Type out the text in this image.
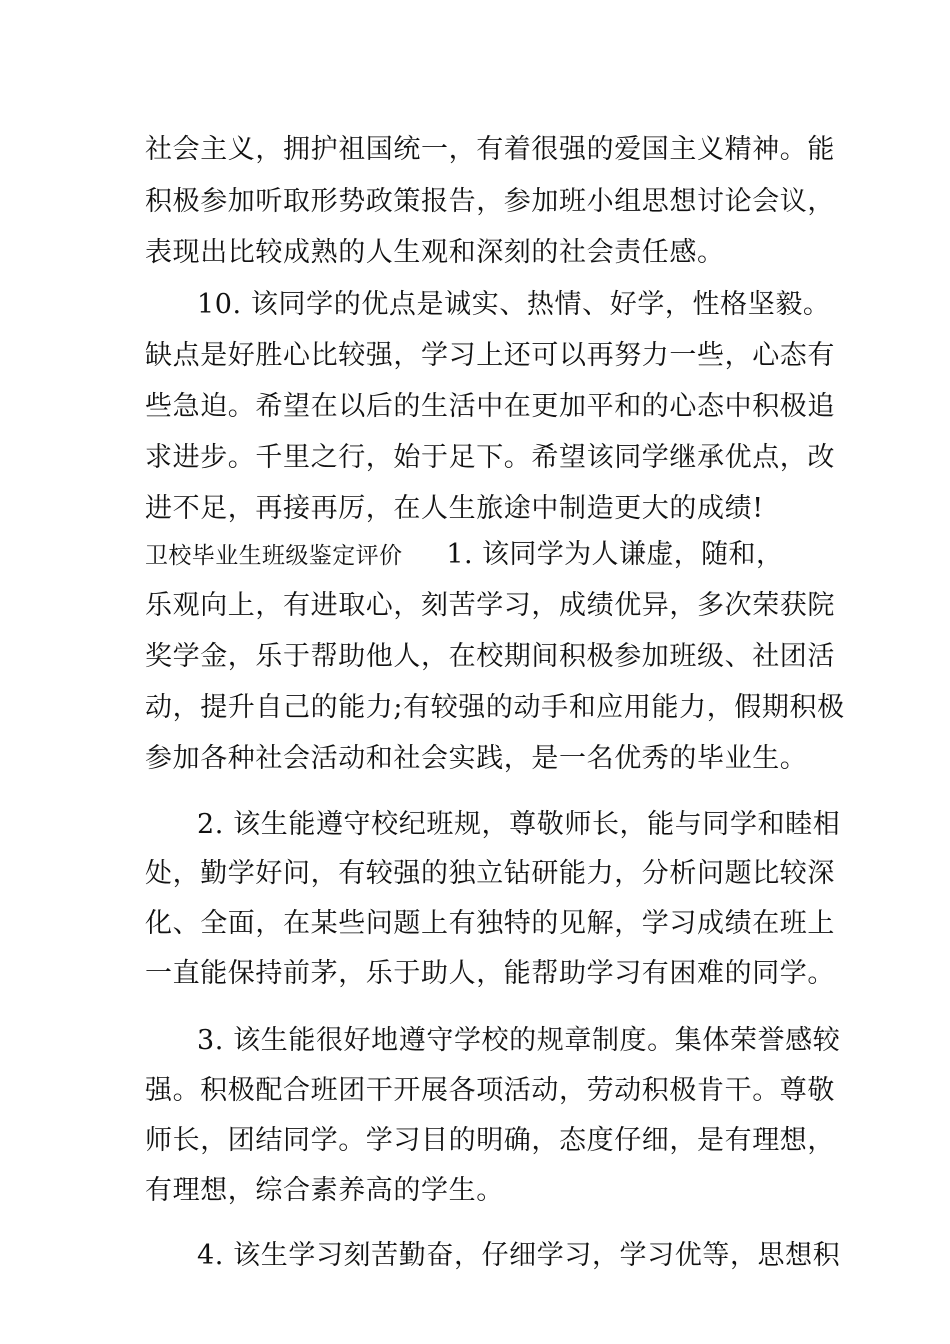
社会主义，拥护祖国统一，有着很强的爱国主义精神。能
积极参加听取形势政策报告，参加班小组思想讨论会议，
表现出比较成熟的人生观和深刻的社会责任感。
10. 该同学的优点是诚实、热情、好学，性格坚毅。
缺点是好胜心比较强，学习上还可以再努力一些，心态有
些急迫。希望在以后的生活中在更加平和的心态中积极追
求进步。千里之行，始于足下。希望该同学继承优点，改
进不足，再接再厉，在人生旅途中制造更大的成绩!
卫校毕业生班级鉴定评价 1. 该同学为人谦虚，随和，
乐观向上，有进取心，刻苦学习，成绩优异，多次荣获院
奖学金，乐于帮助他人，在校期间积极参加班级、社团活
动，提升自己的能力;有较强的动手和应用能力，假期积极
参加各种社会活动和社会实践，是一名优秀的毕业生。
2. 该生能遵守校纪班规，尊敬师长，能与同学和睦相
处，勤学好问，有较强的独立钻研能力，分析问题比较深
化、全面，在某些问题上有独特的见解，学习成绩在班上
一直能保持前茅，乐于助人，能帮助学习有困难的同学。
3. 该生能很好地遵守学校的规章制度。集体荣誉感较
强。积极配合班团干开展各项活动，劳动积极肯干。尊敬
师长，团结同学。学习目的明确，态度仔细，是有理想，
有理想，综合素养高的学生。
4. 该生学习刻苦勤奋，仔细学习，学习优等，思想积
